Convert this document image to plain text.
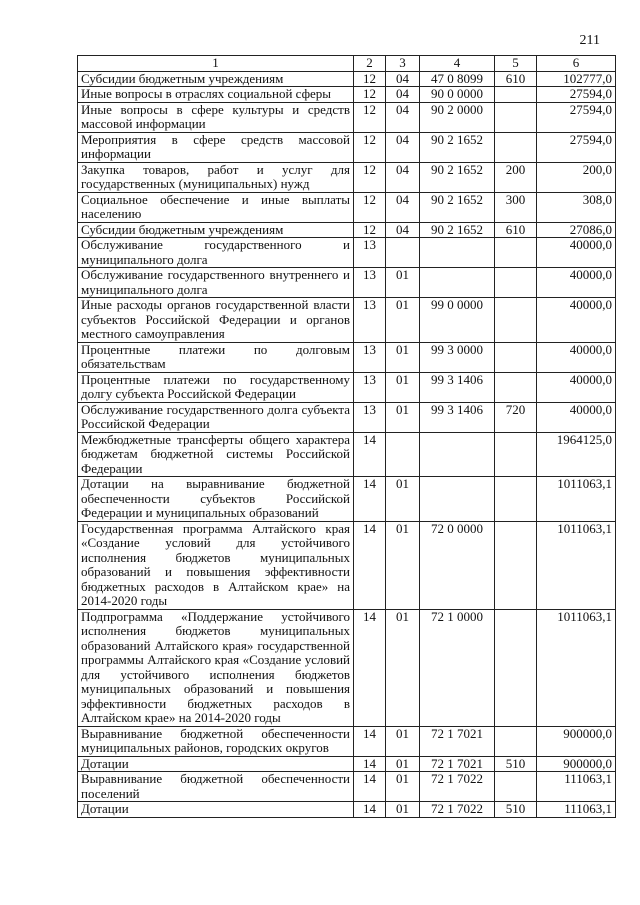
211
1	2	3	4	5	6
Субсидии бюджетным учреждениям	12	04	47 0 8099	610	102777,0
Иные вопросы в отраслях социальной сферы	12	04	90 0 0000		27594,0
Иные вопросы в сфере культуры и средств массовой информации	12	04	90 2 0000		27594,0
Мероприятия в сфере средств массовой информации	12	04	90 2 1652		27594,0
Закупка товаров, работ и услуг для государственных (муниципальных) нужд	12	04	90 2 1652	200	200,0
Социальное обеспечение и иные выплаты населению	12	04	90 2 1652	300	308,0
Субсидии бюджетным учреждениям	12	04	90 2 1652	610	27086,0
Обслуживание государственного и муниципального долга	13				40000,0
Обслуживание государственного внутреннего и муниципального долга	13	01			40000,0
Иные расходы органов государственной власти субъектов Российской Федерации и органов местного самоуправления	13	01	99 0 0000		40000,0
Процентные платежи по долговым обязательствам	13	01	99 3 0000		40000,0
Процентные платежи по государственному долгу субъекта Российской Федерации	13	01	99 3 1406		40000,0
Обслуживание государственного долга субъекта Российской Федерации	13	01	99 3 1406	720	40000,0
Межбюджетные трансферты общего характера бюджетам бюджетной системы Российской Федерации	14				1964125,0
Дотации на выравнивание бюджетной обеспеченности субъектов Российской Федерации и муниципальных образований	14	01			1011063,1
Государственная программа Алтайского края «Создание условий для устойчивого исполнения бюджетов муниципальных образований и повышения эффективности бюджетных расходов в Алтайском крае» на 2014-2020 годы	14	01	72 0 0000		1011063,1
Подпрограмма «Поддержание устойчивого исполнения бюджетов муниципальных образований Алтайского края» государственной программы Алтайского края «Создание условий для устойчивого исполнения бюджетов муниципальных образований и повышения эффективности бюджетных расходов в Алтайском крае» на 2014-2020 годы	14	01	72 1 0000		1011063,1
Выравнивание бюджетной обеспеченности муниципальных районов, городских округов	14	01	72 1 7021		900000,0
Дотации	14	01	72 1 7021	510	900000,0
Выравнивание бюджетной обеспеченности поселений	14	01	72 1 7022		111063,1
Дотации	14	01	72 1 7022	510	111063,1
